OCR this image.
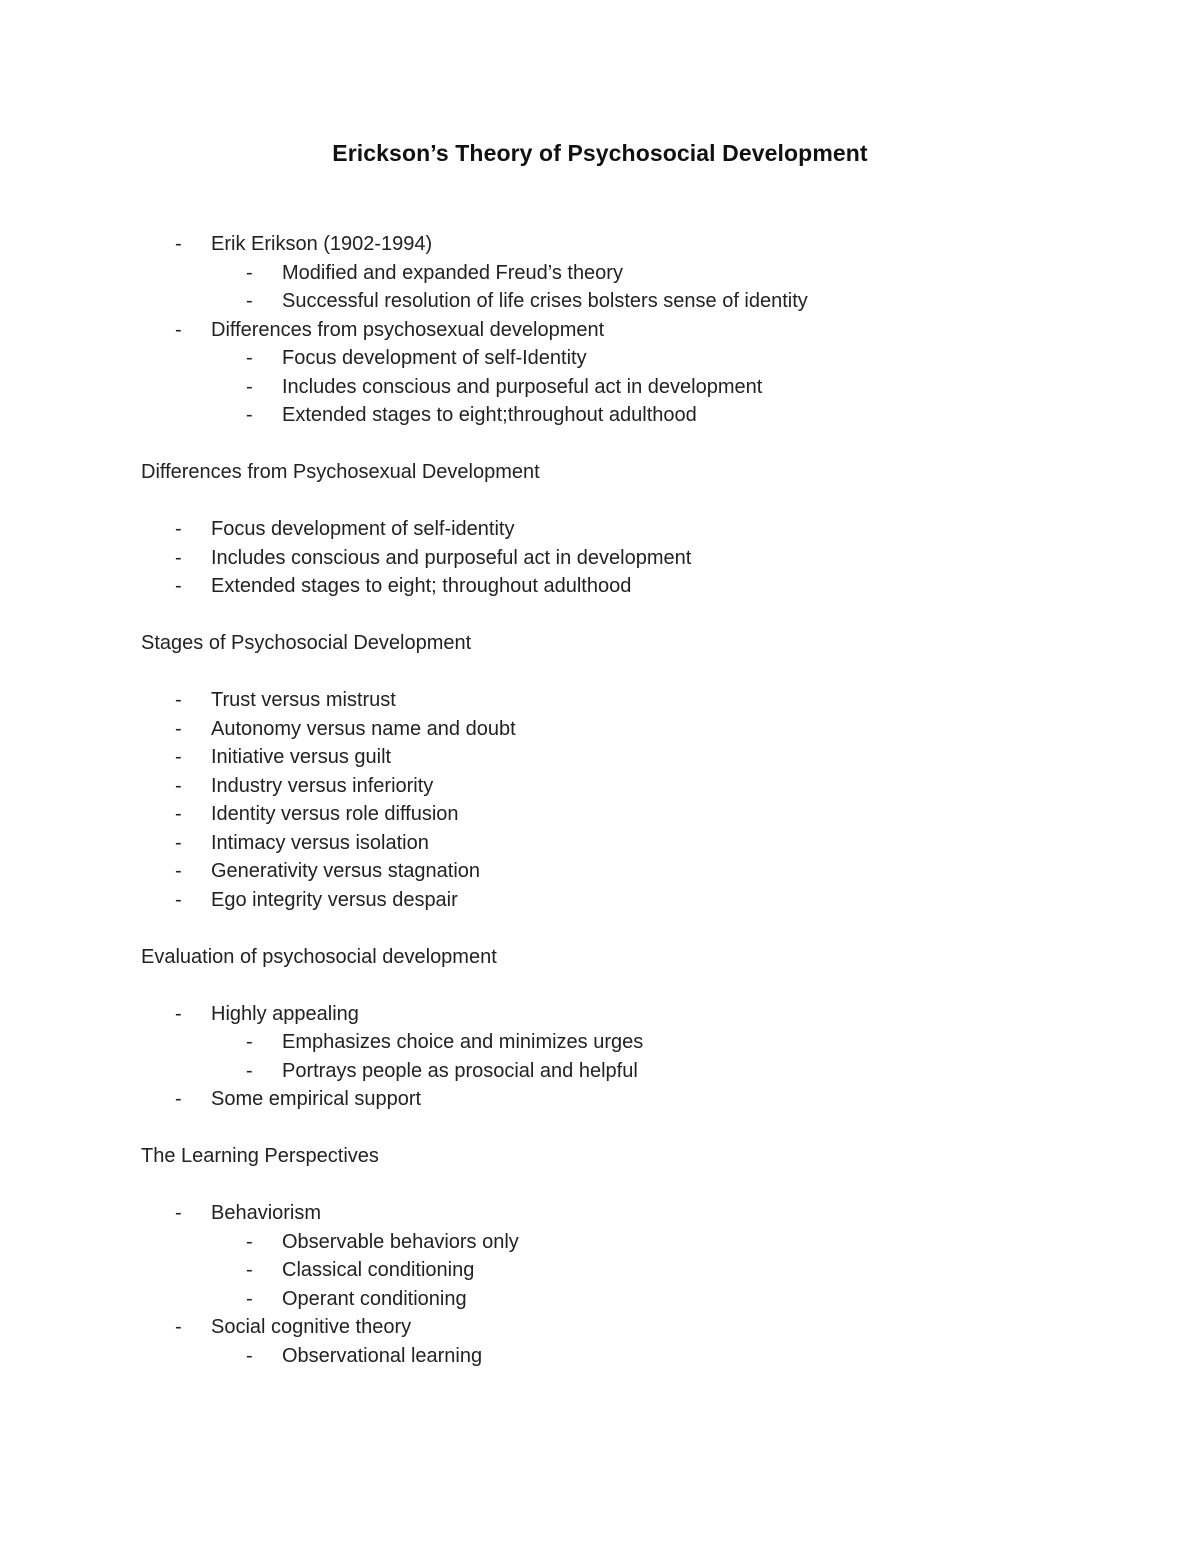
Erickson’s Theory of Psychosocial Development
- Erik Erikson (1902-1994)
- Modified and expanded Freud’s theory
- Successful resolution of life crises bolsters sense of identity
- Differences from psychosexual development
- Focus development of self-Identity
- Includes conscious and purposeful act in development
- Extended stages to eight;throughout adulthood

Differences from Psychosexual Development

- Focus development of self-identity
- Includes conscious and purposeful act in development
- Extended stages to eight; throughout adulthood

Stages of Psychosocial Development

- Trust versus mistrust
- Autonomy versus name and doubt
- Initiative versus guilt
- Industry versus inferiority
- Identity versus role diffusion
- Intimacy versus isolation
- Generativity versus stagnation
- Ego integrity versus despair

Evaluation of psychosocial development

- Highly appealing
- Emphasizes choice and minimizes urges
- Portrays people as prosocial and helpful
- Some empirical support

The Learning Perspectives

- Behaviorism
- Observable behaviors only
- Classical conditioning
- Operant conditioning
- Social cognitive theory
- Observational learning
